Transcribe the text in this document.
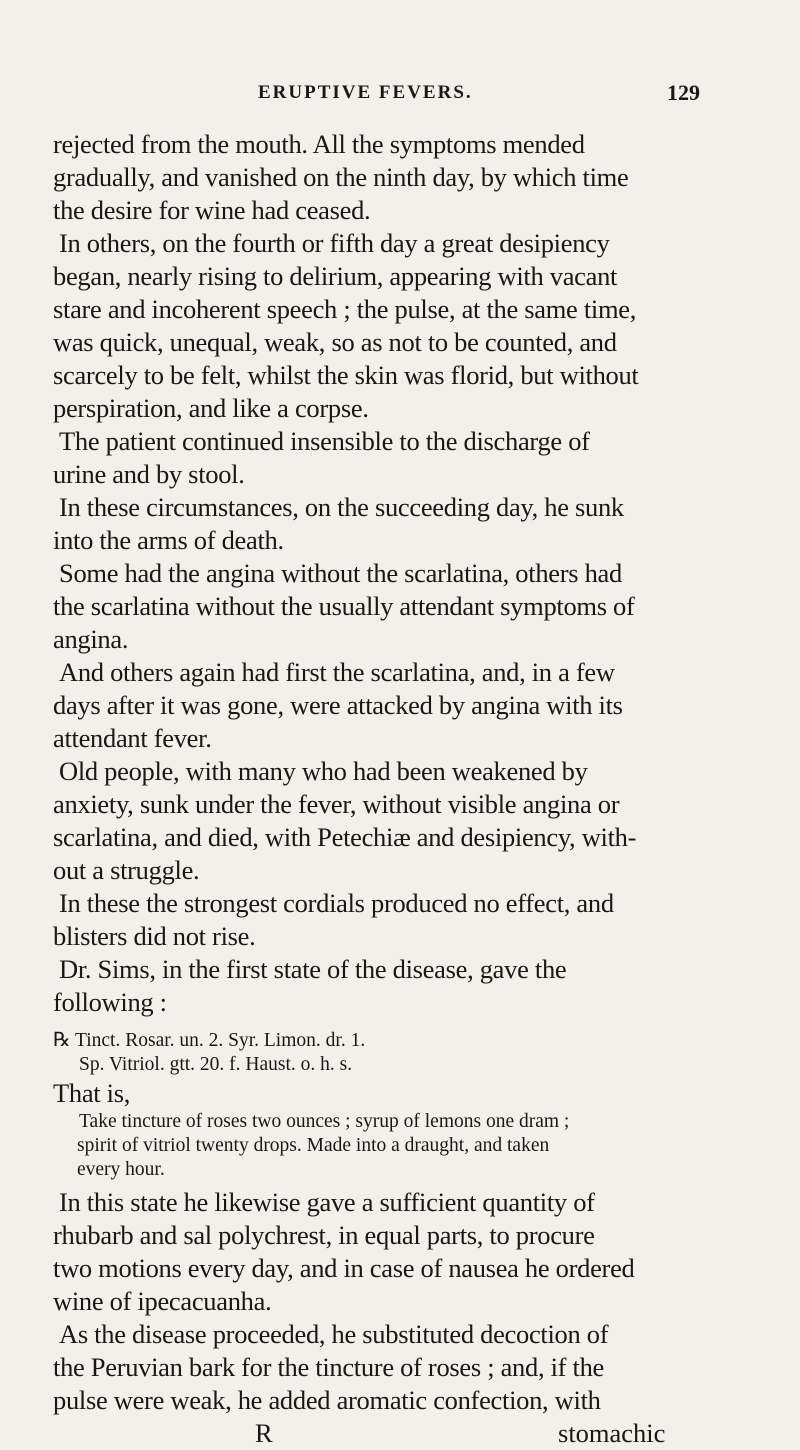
ERUPTIVE FEVERS.	129
rejected from the mouth. All the symptoms mended
gradually, and vanished on the ninth day, by which time
the desire for wine had ceased.
In others, on the fourth or fifth day a great desipiency
began, nearly rising to delirium, appearing with vacant
stare and incoherent speech ; the pulse, at the same time,
was quick, unequal, weak, so as not to be counted, and
scarcely to be felt, whilst the skin was florid, but without
perspiration, and like a corpse.
The patient continued insensible to the discharge of
urine and by stool.
In these circumstances, on the succeeding day, he sunk
into the arms of death.
Some had the angina without the scarlatina, others had
the scarlatina without the usually attendant symptoms of
angina.
And others again had first the scarlatina, and, in a few
days after it was gone, were attacked by angina with its
attendant fever.
Old people, with many who had been weakened by
anxiety, sunk under the fever, without visible angina or
scarlatina, and died, with Petechiæ and desipiency, with-
out a struggle.
In these the strongest cordials produced no effect, and
blisters did not rise.
Dr. Sims, in the first state of the disease, gave the
following :
℞ Tinct. Rosar. un. 2. Syr. Limon. dr. 1.
Sp. Vitriol. gtt. 20. f. Haust. o. h. s.
That is,
Take tincture of roses two ounces ; syrup of lemons one dram ;
spirit of vitriol twenty drops. Made into a draught, and taken
every hour.
In this state he likewise gave a sufficient quantity of
rhubarb and sal polychrest, in equal parts, to procure
two motions every day, and in case of nausea he ordered
wine of ipecacuanha.
As the disease proceeded, he substituted decoction of
the Peruvian bark for the tincture of roses ; and, if the
pulse were weak, he added aromatic confection, with
R	stomachic
